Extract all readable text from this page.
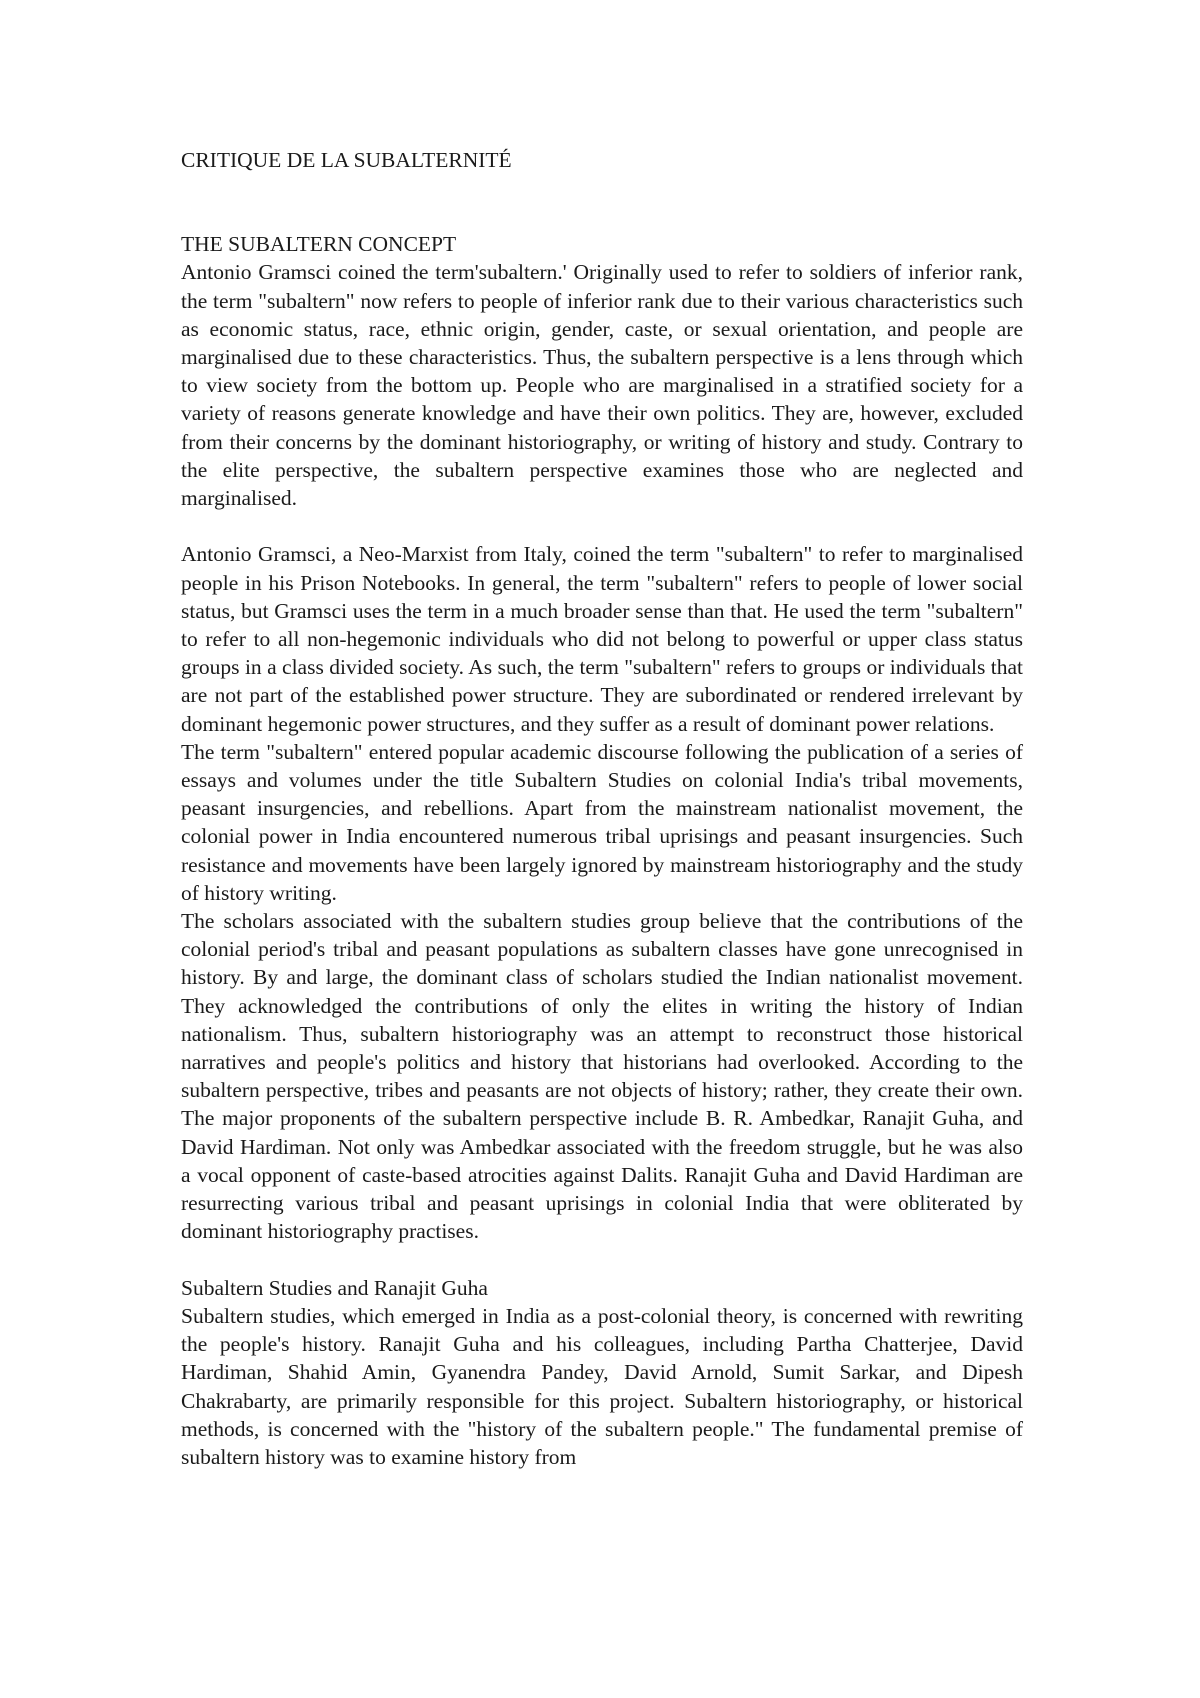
CRITIQUE DE LA SUBALTERNITÉ
THE SUBALTERN CONCEPT

Antonio Gramsci coined the term'subaltern.' Originally used to refer to soldiers of inferior rank, the term "subaltern" now refers to people of inferior rank due to their various characteristics such as economic status, race, ethnic origin, gender, caste, or sexual orientation, and people are marginalised due to these characteristics. Thus, the subaltern perspective is a lens through which to view society from the bottom up. People who are marginalised in a stratified society for a variety of reasons generate knowledge and have their own politics. They are, however, excluded from their concerns by the dominant historiography, or writing of history and study. Contrary to the elite perspective, the subaltern perspective examines those who are neglected and marginalised.

Antonio Gramsci, a Neo-Marxist from Italy, coined the term "subaltern" to refer to marginalised people in his Prison Notebooks. In general, the term "subaltern" refers to people of lower social status, but Gramsci uses the term in a much broader sense than that. He used the term "subaltern" to refer to all non-hegemonic individuals who did not belong to powerful or upper class status groups in a class divided society. As such, the term "subaltern" refers to groups or individuals that are not part of the established power structure. They are subordinated or rendered irrelevant by dominant hegemonic power structures, and they suffer as a result of dominant power relations.

The term "subaltern" entered popular academic discourse following the publication of a series of essays and volumes under the title Subaltern Studies on colonial India's tribal movements, peasant insurgencies, and rebellions. Apart from the mainstream nationalist movement, the colonial power in India encountered numerous tribal uprisings and peasant insurgencies. Such resistance and movements have been largely ignored by mainstream historiography and the study of history writing.

The scholars associated with the subaltern studies group believe that the contributions of the colonial period's tribal and peasant populations as subaltern classes have gone unrecognised in history. By and large, the dominant class of scholars studied the Indian nationalist movement. They acknowledged the contributions of only the elites in writing the history of Indian nationalism. Thus, subaltern historiography was an attempt to reconstruct those historical narratives and people's politics and history that historians had overlooked. According to the subaltern perspective, tribes and peasants are not objects of history; rather, they create their own. The major proponents of the subaltern perspective include B. R. Ambedkar, Ranajit Guha, and David Hardiman. Not only was Ambedkar associated with the freedom struggle, but he was also a vocal opponent of caste-based atrocities against Dalits. Ranajit Guha and David Hardiman are resurrecting various tribal and peasant uprisings in colonial India that were obliterated by dominant historiography practises.

Subaltern Studies and Ranajit Guha

Subaltern studies, which emerged in India as a post-colonial theory, is concerned with rewriting the people's history. Ranajit Guha and his colleagues, including Partha Chatterjee, David Hardiman, Shahid Amin, Gyanendra Pandey, David Arnold, Sumit Sarkar, and Dipesh Chakrabarty, are primarily responsible for this project. Subaltern historiography, or historical methods, is concerned with the "history of the subaltern people." The fundamental premise of subaltern history was to examine history from
